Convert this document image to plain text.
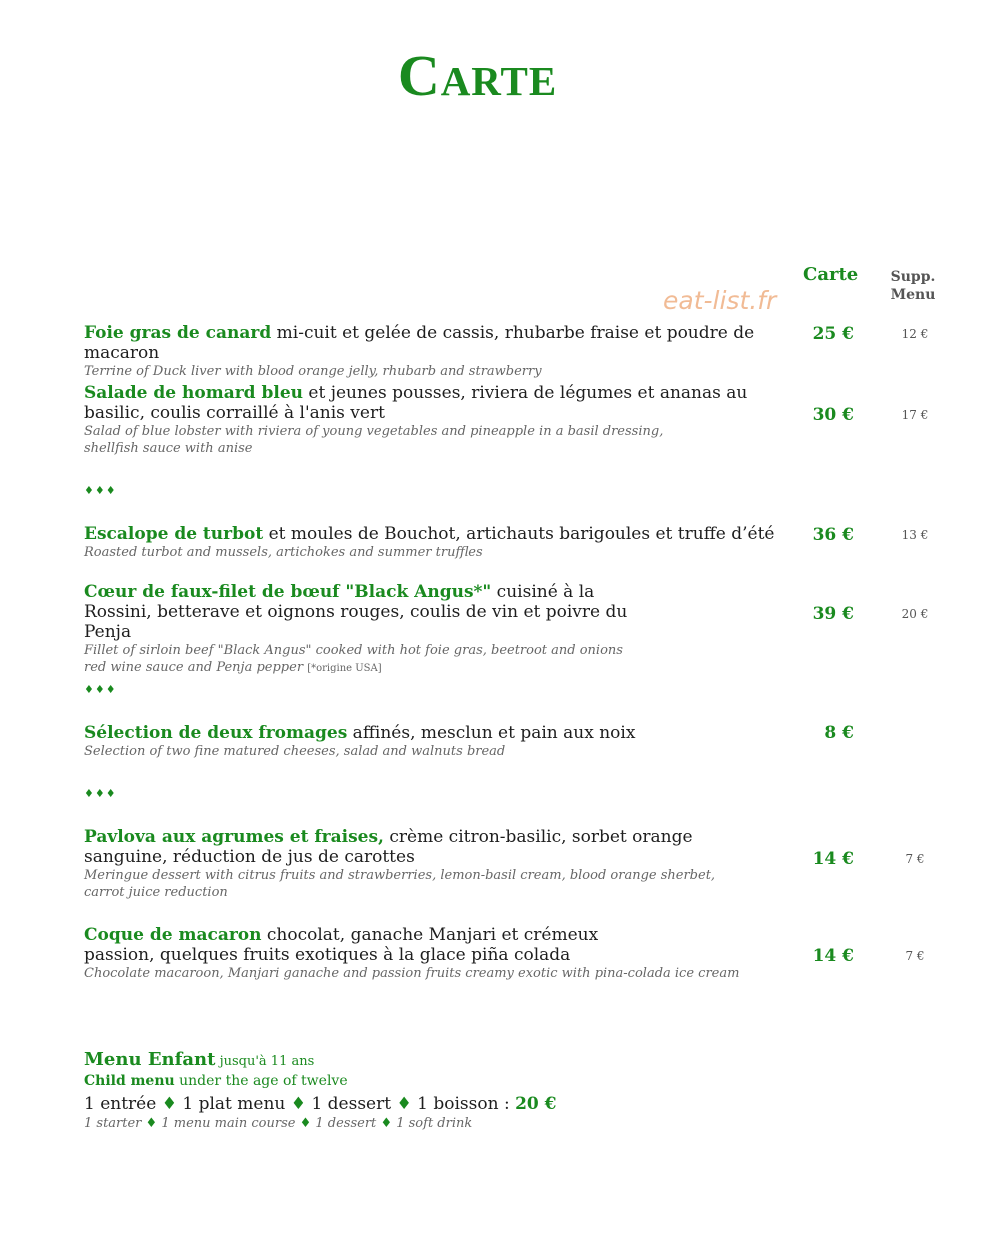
Carte
eat-list.fr
Carte	Supp.
Menu
Foie gras de canard mi-cuit et gelée de cassis, rhubarbe fraise et poudre de macaron
Terrine of Duck liver with blood orange jelly, rhubarb and strawberry
25 €	12 €
Salade de homard bleu et jeunes pousses, riviera de légumes et ananas au basilic, coulis corraillé à l'anis vert
Salad of blue lobster with riviera of young vegetables and pineapple in a basil dressing, shellfish sauce with anise
30 €	17 €
♦♦♦
Escalope de turbot et moules de Bouchot, artichauts barigoules et truffe d’été
Roasted turbot and mussels, artichokes and summer truffles
36 €	13 €
Cœur de faux-filet de bœuf "Black Angus*" cuisiné à la Rossini, betterave et oignons rouges, coulis de vin et poivre du Penja
Fillet of sirloin beef "Black Angus" cooked with hot foie gras, beetroot and onions red wine sauce and Penja pepper [*origine USA]
39 €	20 €
♦♦♦
Sélection de deux fromages affinés, mesclun et pain aux noix
Selection of two fine matured cheeses, salad and walnuts bread
8 €
♦♦♦
Pavlova aux agrumes et fraises, crème citron-basilic, sorbet orange sanguine, réduction de jus de carottes
Meringue dessert with citrus fruits and strawberries, lemon-basil cream, blood orange sherbet, carrot juice reduction
14 €	7 €
Coque de macaron chocolat, ganache Manjari et crémeux passion, quelques fruits exotiques à la glace piña colada
Chocolate macaroon, Manjari ganache and passion fruits creamy exotic with pina-colada ice cream
14 €	7 €
Menu Enfant jusqu'à 11 ans
Child menu under the age of twelve
1 entrée ♦ 1 plat menu ♦ 1 dessert ♦ 1 boisson : 20 €
1 starter ♦ 1 menu main course ♦ 1 dessert ♦ 1 soft drink
